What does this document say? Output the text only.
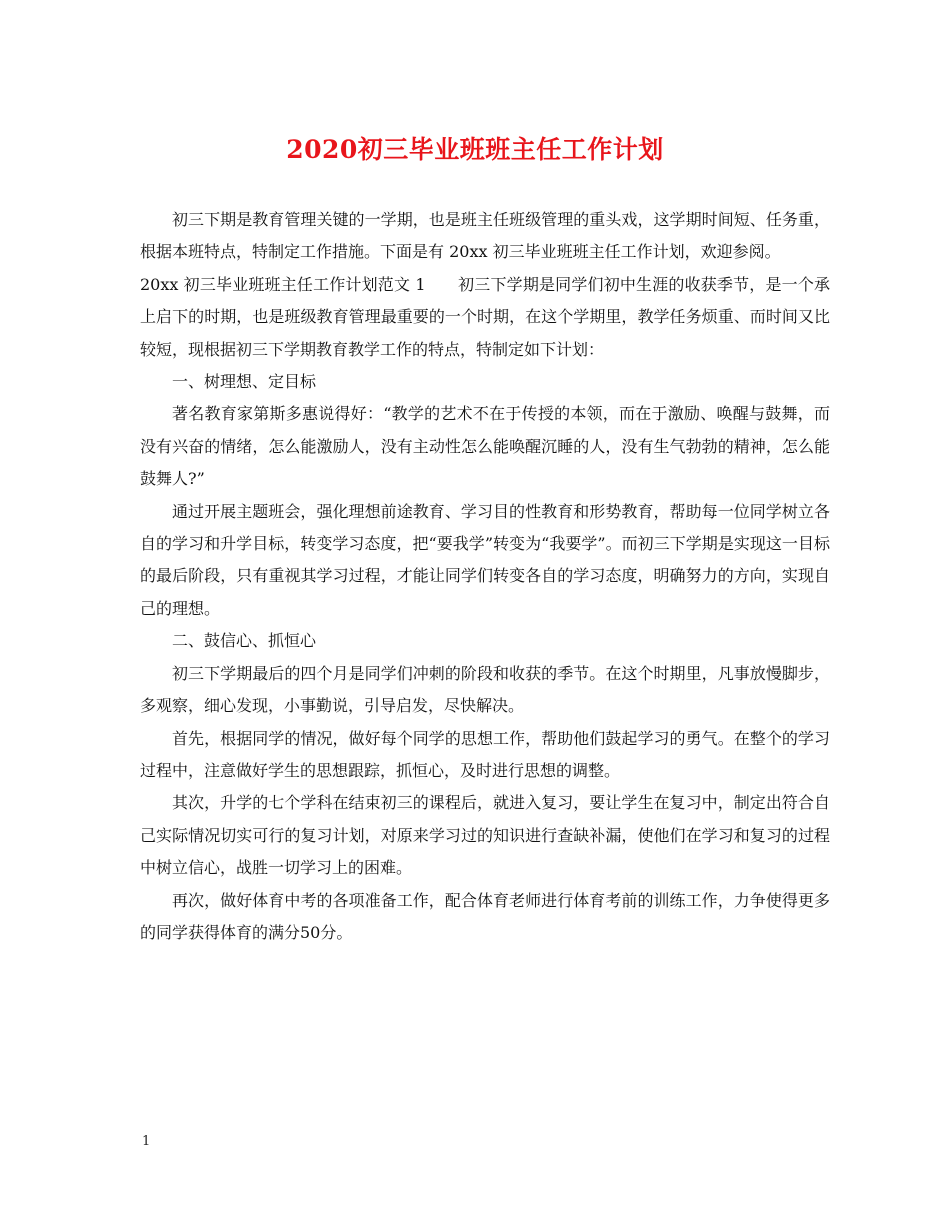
2020初三毕业班班主任工作计划

初三下期是教育管理关键的一学期，也是班主任班级管理的重头戏，这学期时间短、任务重，根据本班特点，特制定工作措施。下面是有 20xx 初三毕业班班主任工作计划，欢迎参阅。

20xx 初三毕业班班主任工作计划范文 1　　初三下学期是同学们初中生涯的收获季节，是一个承上启下的时期，也是班级教育管理最重要的一个时期，在这个学期里，教学任务烦重、而时间又比较短，现根据初三下学期教育教学工作的特点，特制定如下计划：

一、树理想、定目标

著名教育家第斯多惠说得好：“教学的艺术不在于传授的本领，而在于激励、唤醒与鼓舞，而没有兴奋的情绪，怎么能激励人，没有主动性怎么能唤醒沉睡的人，没有生气勃勃的精神，怎么能鼓舞人?”

通过开展主题班会，强化理想前途教育、学习目的性教育和形势教育，帮助每一位同学树立各自的学习和升学目标，转变学习态度，把“要我学”转变为“我要学”。而初三下学期是实现这一目标的最后阶段，只有重视其学习过程，才能让同学们转变各自的学习态度，明确努力的方向，实现自己的理想。

二、鼓信心、抓恒心

初三下学期最后的四个月是同学们冲刺的阶段和收获的季节。在这个时期里，凡事放慢脚步，多观察，细心发现，小事勤说，引导启发，尽快解决。

首先，根据同学的情况，做好每个同学的思想工作，帮助他们鼓起学习的勇气。在整个的学习过程中，注意做好学生的思想跟踪，抓恒心，及时进行思想的调整。

其次，升学的七个学科在结束初三的课程后，就进入复习，要让学生在复习中，制定出符合自己实际情况切实可行的复习计划，对原来学习过的知识进行查缺补漏，使他们在学习和复习的过程中树立信心，战胜一切学习上的困难。

再次，做好体育中考的各项准备工作，配合体育老师进行体育考前的训练工作，力争使得更多的同学获得体育的满分50分。

1
